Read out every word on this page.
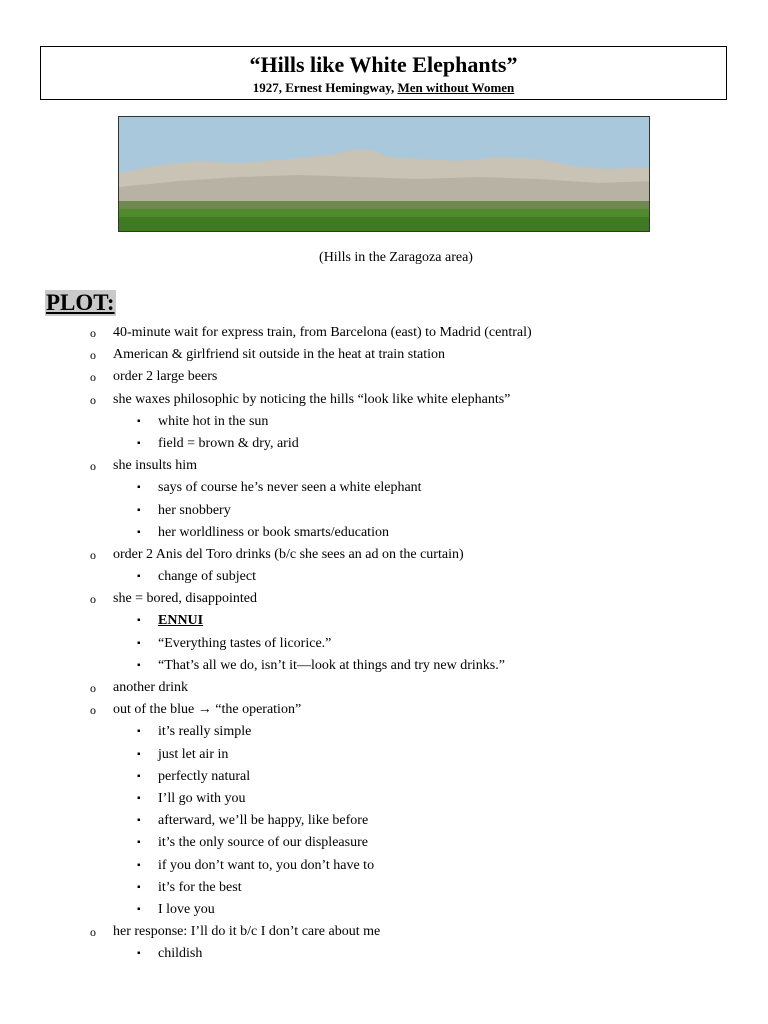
“Hills like White Elephants”
1927, Ernest Hemingway, Men without Women
(Hills in the Zaragoza area)
PLOT:
o 40-minute wait for express train, from Barcelona (east) to Madrid (central)
o American & girlfriend sit outside in the heat at train station
o order 2 large beers
o she waxes philosophic by noticing the hills “look like white elephants”
▪ white hot in the sun
▪ field = brown & dry, arid
o she insults him
▪ says of course he’s never seen a white elephant
▪ her snobbery
▪ her worldliness or book smarts/education
o order 2 Anis del Toro drinks (b/c she sees an ad on the curtain)
▪ change of subject
o she = bored, disappointed
▪ ENNUI
▪ “Everything tastes of licorice.”
▪ “That’s all we do, isn’t it—look at things and try new drinks.”
o another drink
o out of the blue → “the operation”
▪ it’s really simple
▪ just let air in
▪ perfectly natural
▪ I’ll go with you
▪ afterward, we’ll be happy, like before
▪ it’s the only source of our displeasure
▪ if you don’t want to, you don’t have to
▪ it’s for the best
▪ I love you
o her response: I’ll do it b/c I don’t care about me
▪ childish
